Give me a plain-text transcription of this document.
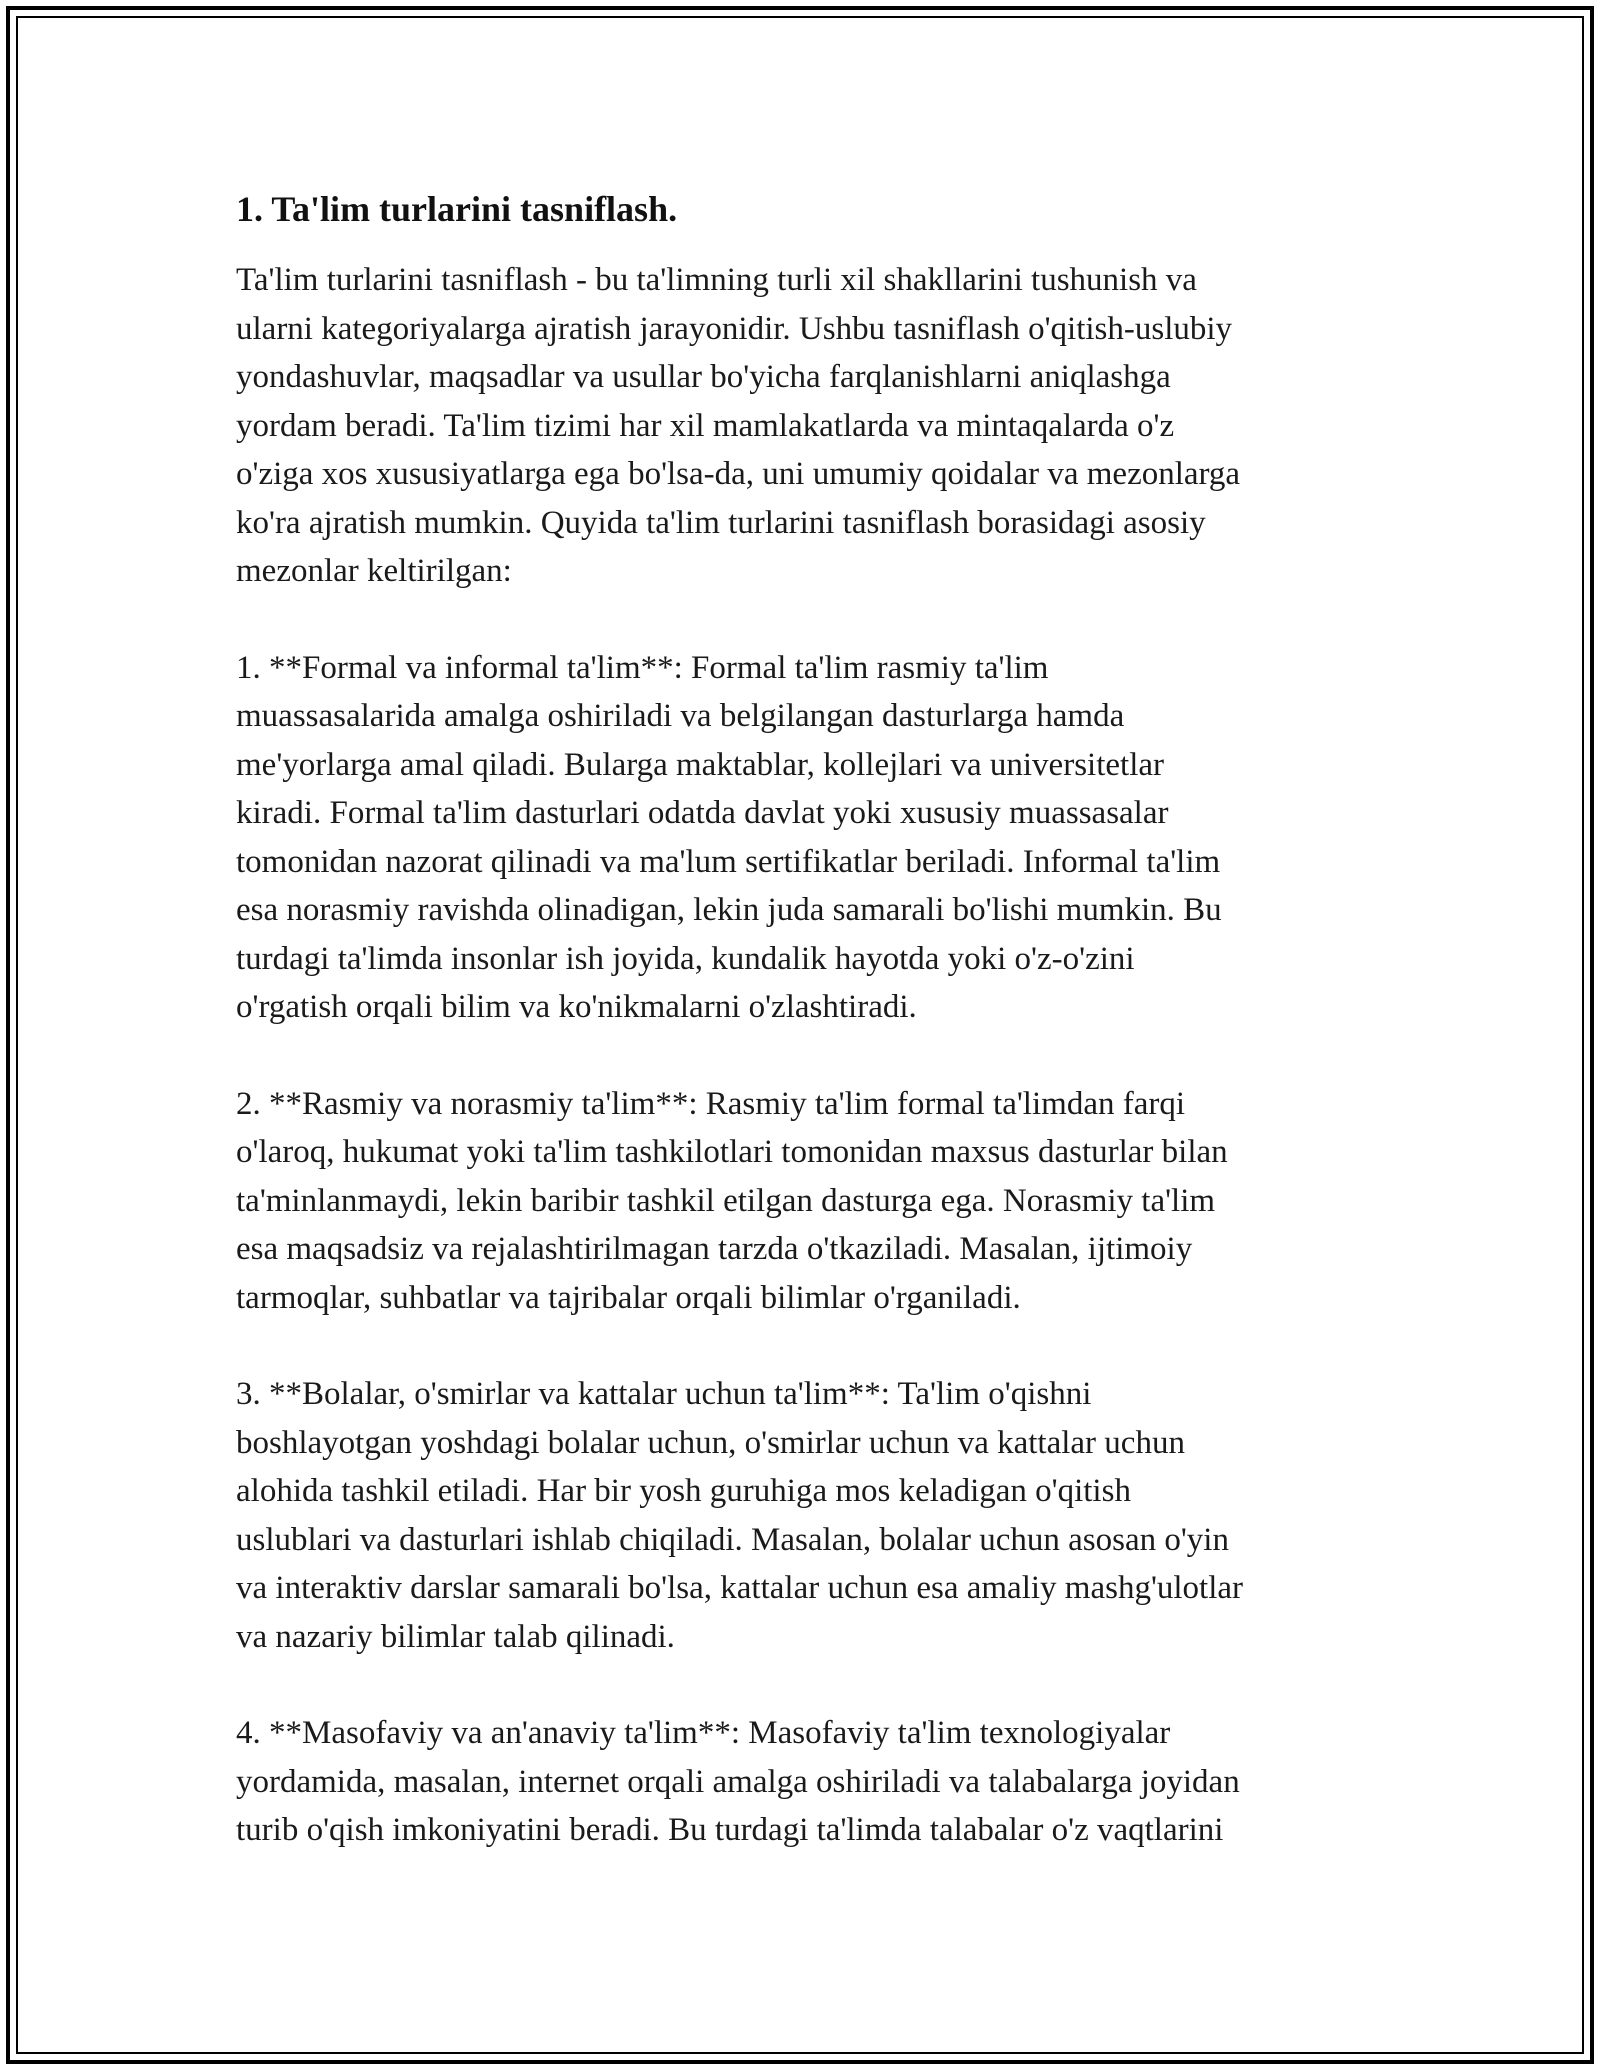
1. Ta'lim turlarini tasniflash.

Ta'lim turlarini tasniflash - bu ta'limning turli xil shakllarini tushunish va
ularni kategoriyalarga ajratish jarayonidir. Ushbu tasniflash o'qitish-uslubiy
yondashuvlar, maqsadlar va usullar bo'yicha farqlanishlarni aniqlashga
yordam beradi. Ta'lim tizimi har xil mamlakatlarda va mintaqalarda o'z
o'ziga xos xususiyatlarga ega bo'lsa-da, uni umumiy qoidalar va mezonlarga
ko'ra ajratish mumkin. Quyida ta'lim turlarini tasniflash borasidagi asosiy
mezonlar keltirilgan:

1. **Formal va informal ta'lim**: Formal ta'lim rasmiy ta'lim
muassasalarida amalga oshiriladi va belgilangan dasturlarga hamda
me'yorlarga amal qiladi. Bularga maktablar, kollejlari va universitetlar
kiradi. Formal ta'lim dasturlari odatda davlat yoki xususiy muassasalar
tomonidan nazorat qilinadi va ma'lum sertifikatlar beriladi. Informal ta'lim
esa norasmiy ravishda olinadigan, lekin juda samarali bo'lishi mumkin. Bu
turdagi ta'limda insonlar ish joyida, kundalik hayotda yoki o'z-o'zini
o'rgatish orqali bilim va ko'nikmalarni o'zlashtiradi.

2. **Rasmiy va norasmiy ta'lim**: Rasmiy ta'lim formal ta'limdan farqi
o'laroq, hukumat yoki ta'lim tashkilotlari tomonidan maxsus dasturlar bilan
ta'minlanmaydi, lekin baribir tashkil etilgan dasturga ega. Norasmiy ta'lim
esa maqsadsiz va rejalashtirilmagan tarzda o'tkaziladi. Masalan, ijtimoiy
tarmoqlar, suhbatlar va tajribalar orqali bilimlar o'rganiladi.

3. **Bolalar, o'smirlar va kattalar uchun ta'lim**: Ta'lim o'qishni
boshlayotgan yoshdagi bolalar uchun, o'smirlar uchun va kattalar uchun
alohida tashkil etiladi. Har bir yosh guruhiga mos keladigan o'qitish
uslublari va dasturlari ishlab chiqiladi. Masalan, bolalar uchun asosan o'yin
va interaktiv darslar samarali bo'lsa, kattalar uchun esa amaliy mashg'ulotlar
va nazariy bilimlar talab qilinadi.

4. **Masofaviy va an'anaviy ta'lim**: Masofaviy ta'lim texnologiyalar
yordamida, masalan, internet orqali amalga oshiriladi va talabalarga joyidan
turib o'qish imkoniyatini beradi. Bu turdagi ta'limda talabalar o'z vaqtlarini
